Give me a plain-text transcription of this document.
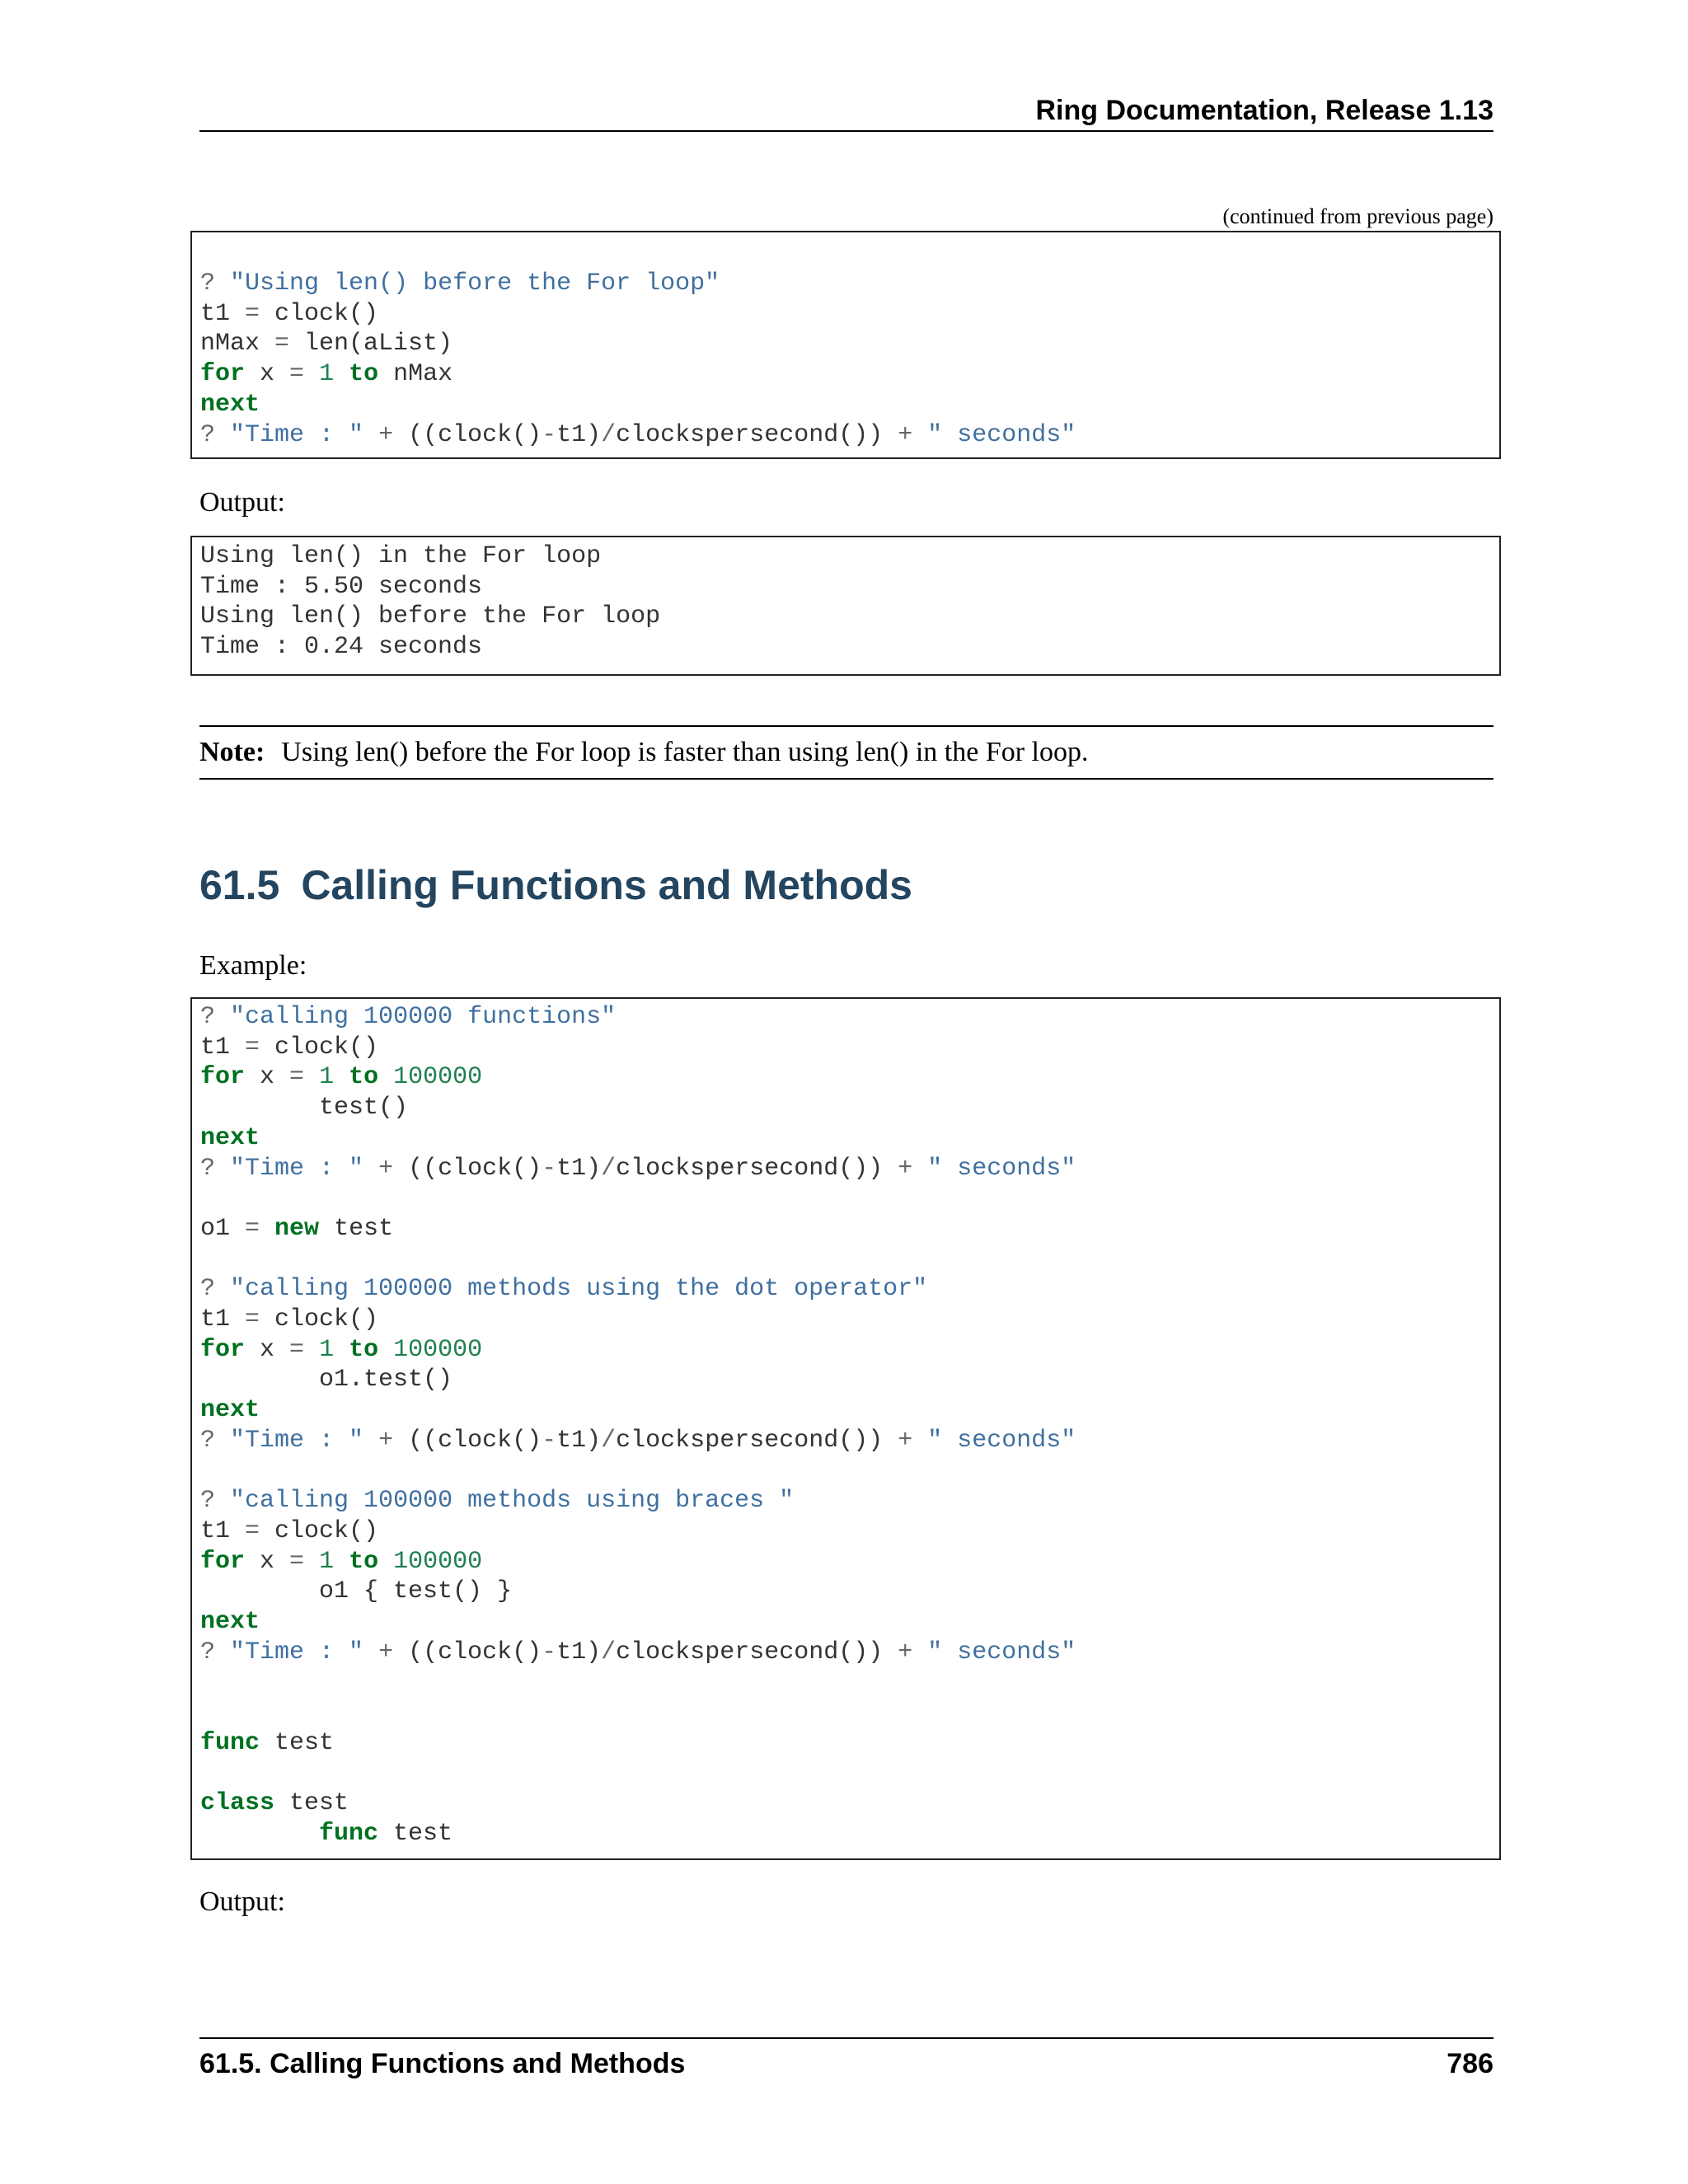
Ring Documentation, Release 1.13
(continued from previous page)
? "Using len() before the For loop"
t1 = clock()
nMax = len(aList)
for x = 1 to nMax
next
? "Time : " + ((clock()-t1)/clockspersecond()) + " seconds"
Output:
Using len() in the For loop
Time : 5.50 seconds
Using len() before the For loop
Time : 0.24 seconds
Note: Using len() before the For loop is faster than using len() in the For loop.
61.5 Calling Functions and Methods
Example:
? "calling 100000 functions"
t1 = clock()
for x = 1 to 100000
test()
next
? "Time : " + ((clock()-t1)/clockspersecond()) + " seconds"

o1 = new test

? "calling 100000 methods using the dot operator"
t1 = clock()
for x = 1 to 100000
o1.test()
next
? "Time : " + ((clock()-t1)/clockspersecond()) + " seconds"

? "calling 100000 methods using braces "
t1 = clock()
for x = 1 to 100000
o1 { test() }
next
? "Time : " + ((clock()-t1)/clockspersecond()) + " seconds"

func test

class test
func test
Output:
61.5. Calling Functions and Methods	786
